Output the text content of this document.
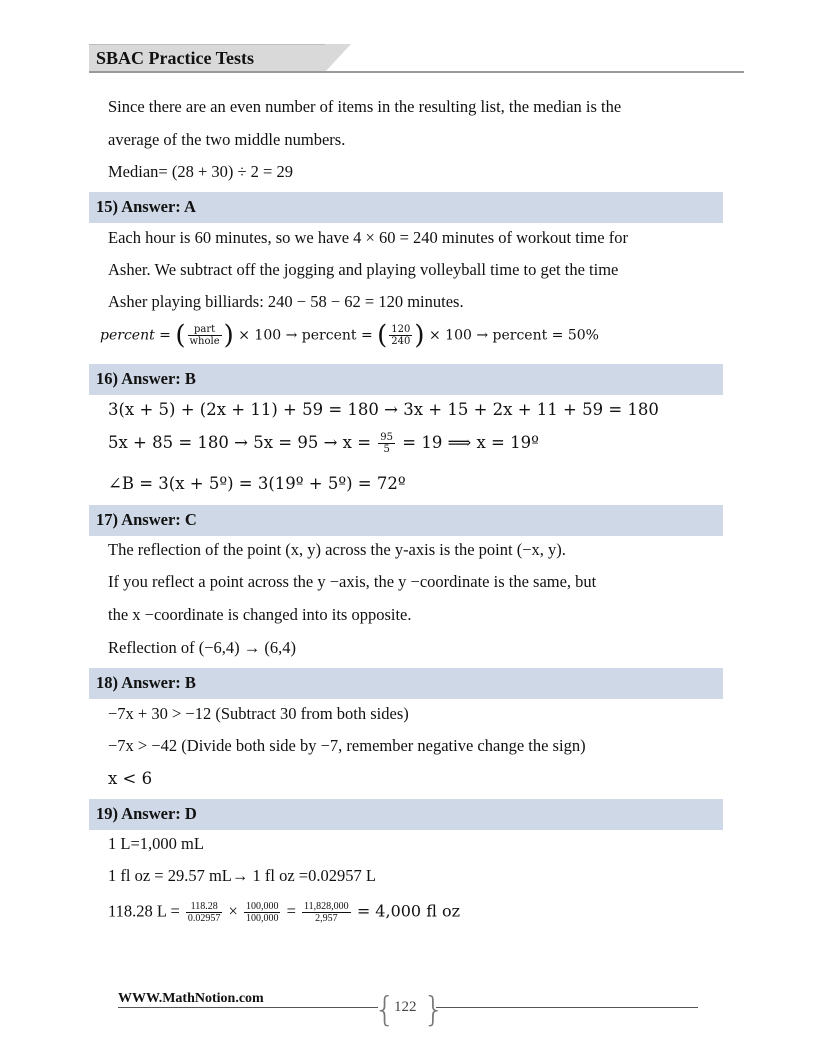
SBAC Practice Tests
Since there are an even number of items in the resulting list, the median is the
average of the two middle numbers.
Median= (28 + 30) ÷ 2 = 29
15) Answer: A
Each hour is 60 minutes, so we have 4 × 60 = 240 minutes of workout time for
Asher. We subtract off the jogging and playing volleyball time to get the time
Asher playing billiards: 240 − 58 − 62 = 120 minutes.
percent = ( $\frac{\text{part}}{\text{whole}}$ ) × 100 → percent = ( $\frac{120}{240}$ ) × 100 → percent = 50%
16) Answer: B
3(x + 5) + (2x + 11) + 59 = 180 → 3x + 15 + 2x + 11 + 59 = 180
$5x + 85 = 180 \to 5x = 95 \to x = \frac{95}{5} = 19$ ⟹ x = 19º
∠B = 3(x + 5º) = 3(19º + 5º) = 72º
17) Answer: C
The reflection of the point (x, y) across the y-axis is the point (−x, y).
If you reflect a point across the y −axis, the y −coordinate is the same, but
the x −coordinate is changed into its opposite.
Reflection of (−6,4) → (6,4)
18) Answer: B
−7x + 30 > −12 (Subtract 30 from both sides)
−7x > −42 (Divide both side by −7, remember negative change the sign)
x < 6
19) Answer: D
1 L=1,000 mL
1 fl oz = 29.57 mL→ 1 fl oz =0.02957 L
118.28 $L = \frac{118.28}{0.02957} \times \frac{100,000}{100,000} = \frac{11,828,000}{2,957} = 4,000$ fl oz
WWW.MathNotion.com	{ }
122
